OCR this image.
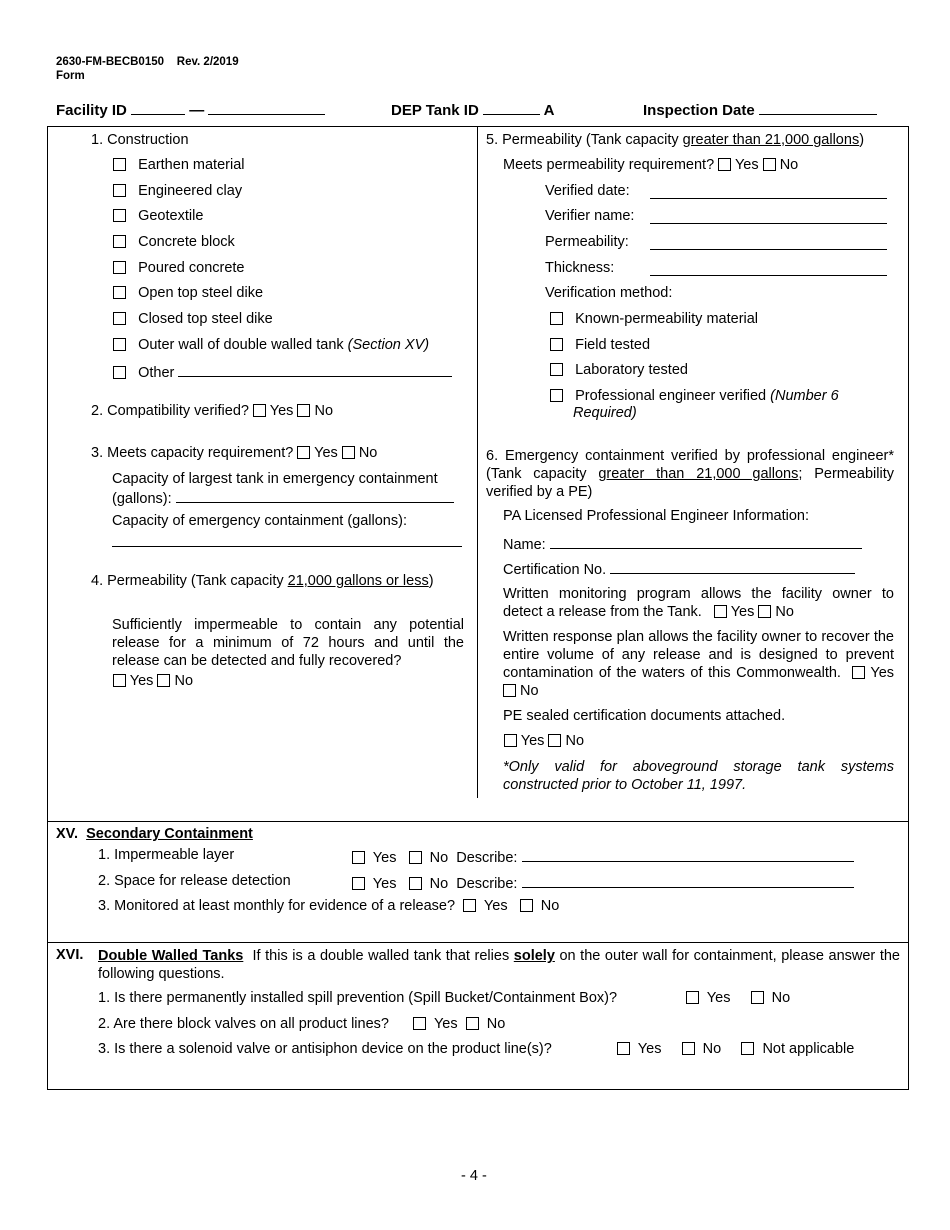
2630-FM-BECB0150 Rev. 2/2019
Form
Facility ID	—	DEP Tank ID	A	Inspection Date
1. Construction
Earthen material
Engineered clay
Geotextile
Concrete block
Poured concrete
Open top steel dike
Closed top steel dike
Outer wall of double walled tank (Section XV)
Other
2. Compatibility verified? Yes No
3. Meets capacity requirement? Yes No
Capacity of largest tank in emergency containment (gallons):
Capacity of emergency containment (gallons):
4. Permeability (Tank capacity 21,000 gallons or less)
Sufficiently impermeable to contain any potential release for a minimum of 72 hours and until the release can be detected and fully recovered?
Yes No
5. Permeability (Tank capacity greater than 21,000 gallons)
Meets permeability requirement? Yes No
Verified date:
Verifier name:
Permeability:
Thickness:
Verification method:
Known-permeability material
Field tested
Laboratory tested
Professional engineer verified (Number 6
Required)
6. Emergency containment verified by professional engineer* (Tank capacity greater than 21,000 gallons; Permeability verified by a PE)
PA Licensed Professional Engineer Information:
Name:
Certification No.
Written monitoring program allows the facility owner to detect a release from the Tank. Yes No
Written response plan allows the facility owner to recover the entire volume of any release and is designed to prevent contamination of the waters of this Commonwealth. Yes  No
PE sealed certification documents attached.
Yes No
*Only valid for aboveground storage tank systems constructed prior to October 11, 1997.
XV. Secondary Containment
1. Impermeable layer	Yes No Describe:
2. Space for release detection	Yes No Describe:
3. Monitored at least monthly for evidence of a release? Yes No
XVI. Double Walled Tanks If this is a double walled tank that relies solely on the outer wall for containment, please answer the following questions.
1. Is there permanently installed spill prevention (Spill Bucket/Containment Box)?	Yes	No
2. Are there block valves on all product lines?	Yes No
3. Is there a solenoid valve or antisiphon device on the product line(s)?	Yes	No	Not applicable
- 4 -
